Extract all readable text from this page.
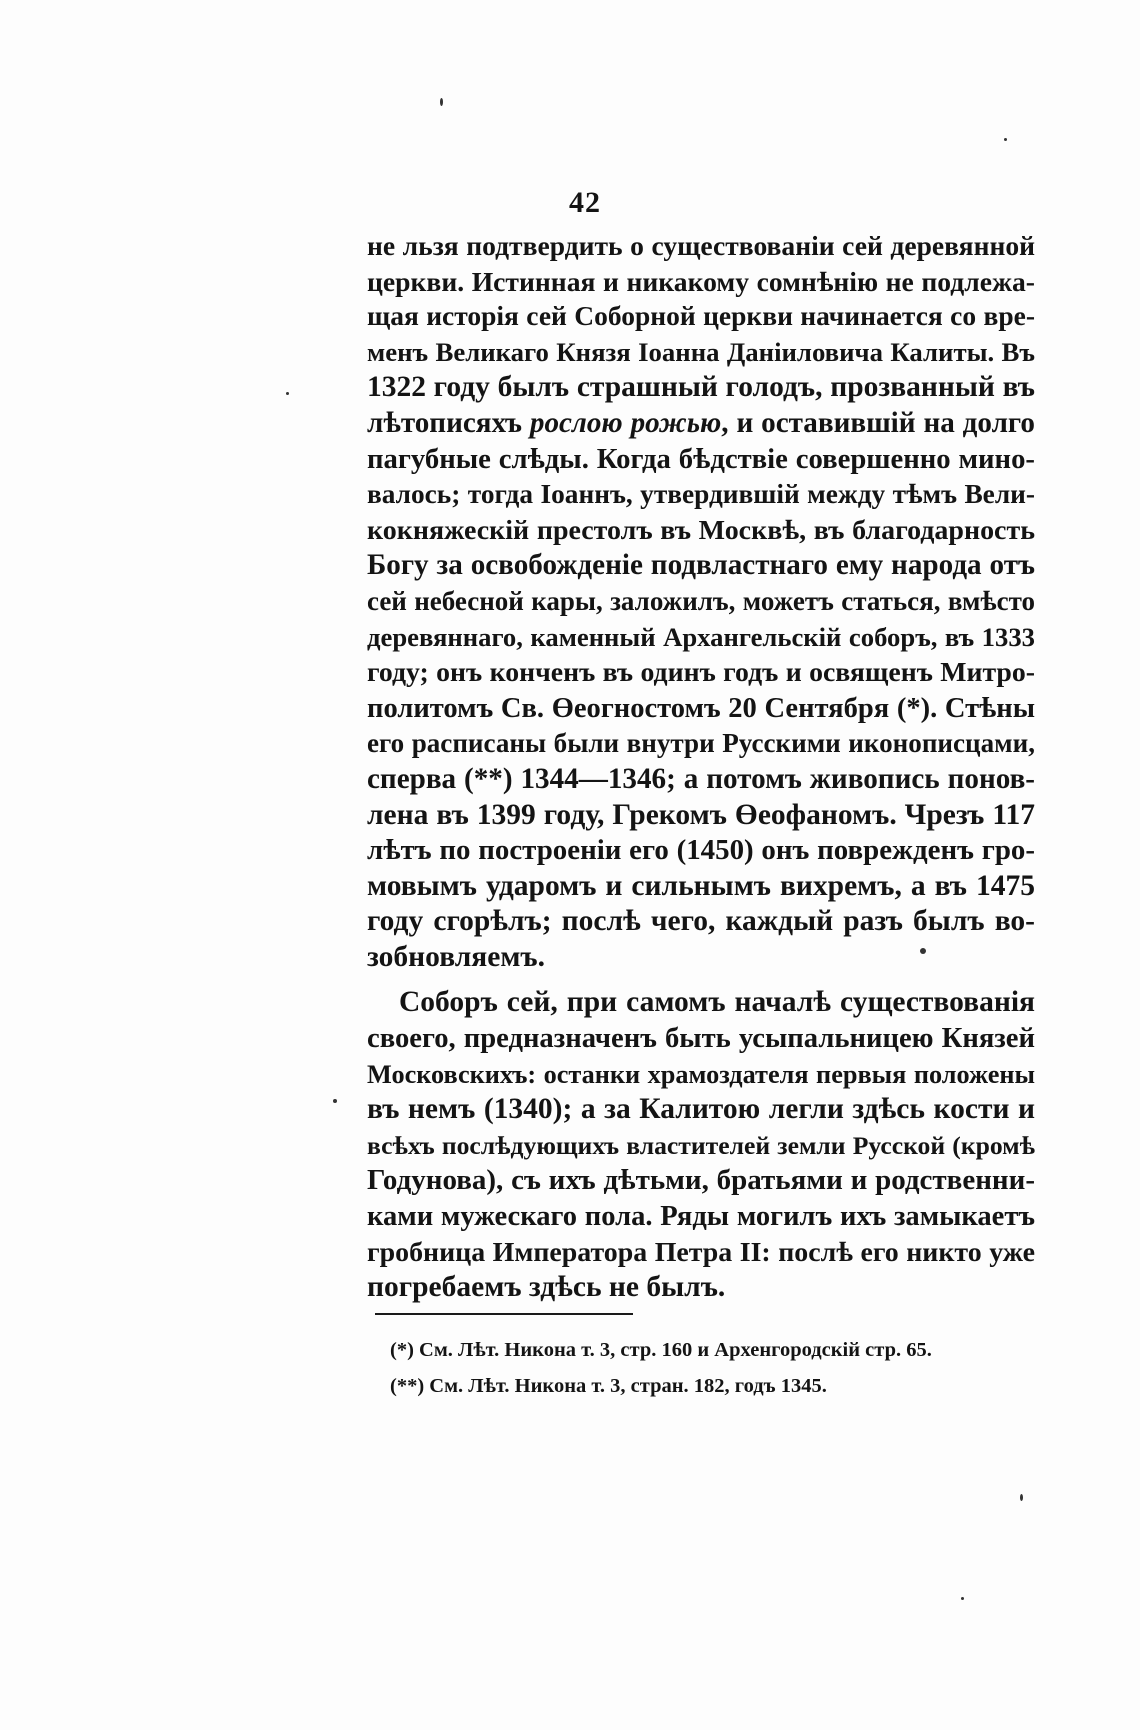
42
не льзя подтвердить о существованіи сей деревянной
церкви. Истинная и никакому сомнѣнію не подлежа-
щая исторія сей Соборной церкви начинается со вре-
менъ Великаго Князя Іоанна Даніиловича Калиты. Въ
1322 году былъ страшный голодъ, прозванный въ
лѣтописяхъ рослою рожью, и оставившій на долго
пагубные слѣды. Когда бѣдствіе совершенно мино-
валось; тогда Іоаннъ, утвердившій между тѣмъ Вели-
кокняжескій престолъ въ Москвѣ, въ благодарность
Богу за освобожденіе подвластнаго ему народа отъ
сей небесной кары, заложилъ, можетъ статься, вмѣсто
деревяннаго, каменный Архангельскій соборъ, въ 1333
году; онъ конченъ въ одинъ годъ и освященъ Митро-
политомъ Св. Өеогностомъ 20 Сентября (*). Стѣны
его расписаны были внутри Русскими иконописцами,
сперва (**) 1344—1346; а потомъ живопись понов-
лена въ 1399 году, Грекомъ Өеофаномъ. Чрезъ 117
лѣтъ по построеніи его (1450) онъ поврежденъ гро-
мовымъ ударомъ и сильнымъ вихремъ, а въ 1475
году сгорѣлъ; послѣ чего, каждый разъ былъ во-
зобновляемъ.
Соборъ сей, при самомъ началѣ существованія
своего, предназначенъ быть усыпальницею Князей
Московскихъ: останки храмоздателя первыя положены
въ немъ (1340); а за Калитою легли здѣсь кости и
всѣхъ послѣдующихъ властителей земли Русской (кромѣ
Годунова), съ ихъ дѣтьми, братьями и родственни-
ками мужескаго пола. Ряды могилъ ихъ замыкаетъ
гробница Императора Петра II: послѣ его никто уже
погребаемъ здѣсь не былъ.
(*) См. Лѣт. Никона т. 3, стр. 160 и Архенгородскій стр. 65.
(**) См. Лѣт. Никона т. 3, стран. 182, годъ 1345.
